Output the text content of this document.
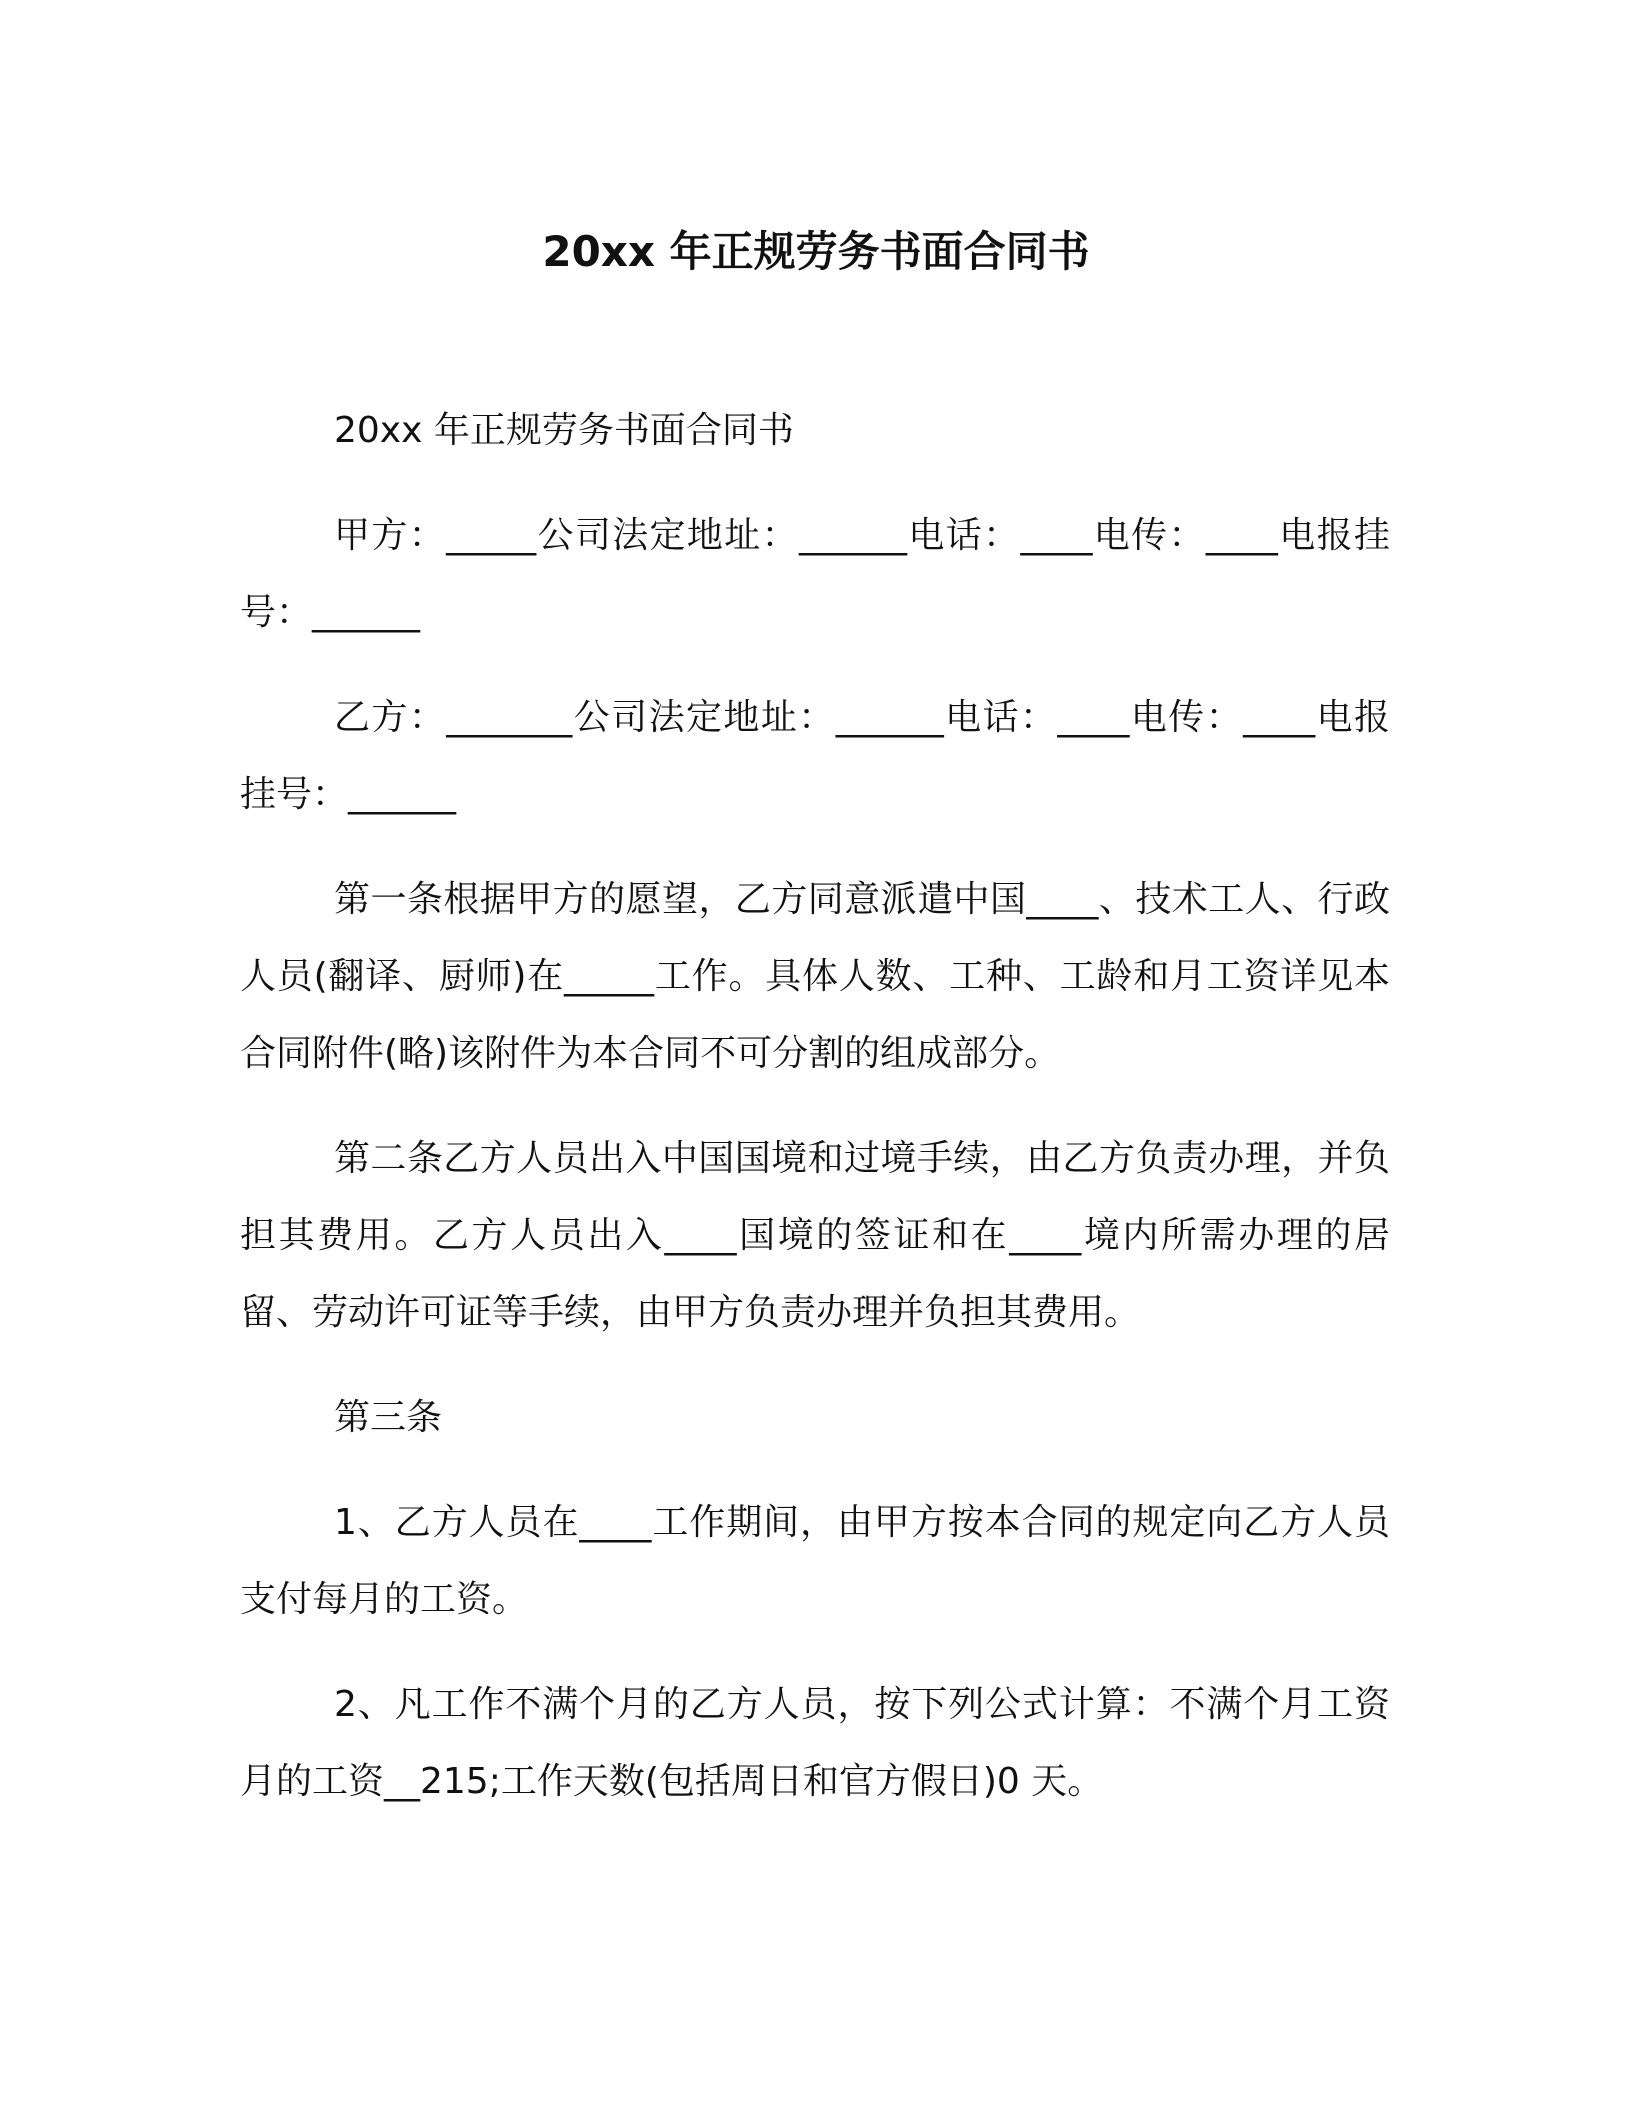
20xx 年正规劳务书面合同书

20xx 年正规劳务书面合同书

甲方：_____公司法定地址：______电话：____电传：____电报挂号：______

乙方：_______公司法定地址：______电话：____电传：____电报挂号：______

第一条根据甲方的愿望，乙方同意派遣中国____、技术工人、行政人员(翻译、厨师)在_____工作。具体人数、工种、工龄和月工资详见本合同附件(略)该附件为本合同不可分割的组成部分。

第二条乙方人员出入中国国境和过境手续，由乙方负责办理，并负担其费用。乙方人员出入____国境的签证和在____境内所需办理的居留、劳动许可证等手续，由甲方负责办理并负担其费用。

第三条

1、乙方人员在____工作期间，由甲方按本合同的规定向乙方人员支付每月的工资。

2、凡工作不满个月的乙方人员，按下列公式计算：不满个月工资月的工资__215;工作天数(包括周日和官方假日)0 天。
